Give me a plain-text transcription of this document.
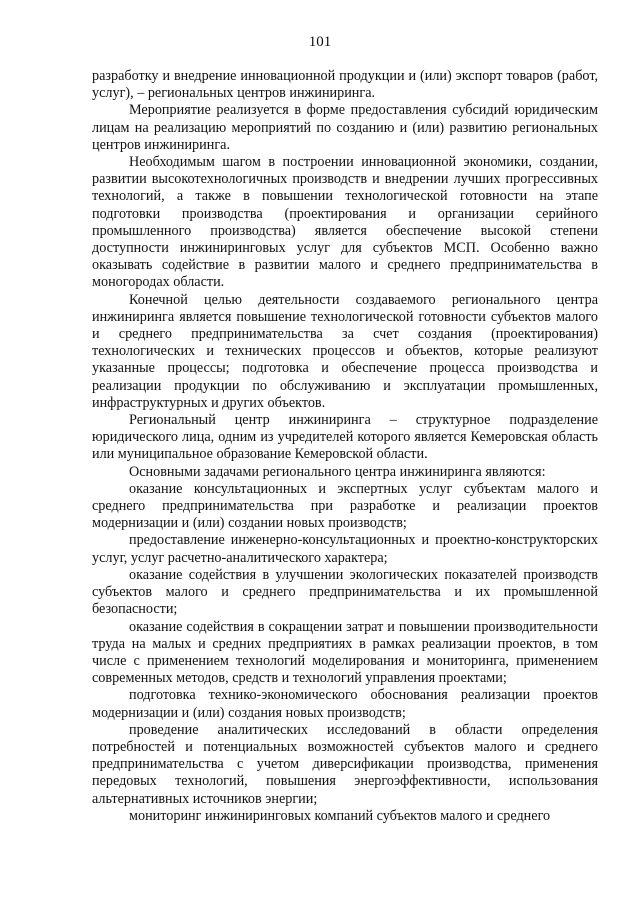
101

разработку и внедрение инновационной продукции и (или) экспорт товаров (работ, услуг), – региональных центров инжиниринга.

Мероприятие реализуется в форме предоставления субсидий юридическим лицам на реализацию мероприятий по созданию и (или) развитию региональных центров инжиниринга.

Необходимым шагом в построении инновационной экономики, создании, развитии высокотехнологичных производств и внедрении лучших прогрессивных технологий, а также в повышении технологической готовности на этапе подготовки производства (проектирования и организации серийного промышленного производства) является обеспечение высокой степени доступности инжиниринговых услуг для субъектов МСП. Особенно важно оказывать содействие в развитии малого и среднего предпринимательства в моногородах области.

Конечной целью деятельности создаваемого регионального центра инжиниринга является повышение технологической готовности субъектов малого и среднего предпринимательства за счет создания (проектирования) технологических и технических процессов и объектов, которые реализуют указанные процессы; подготовка и обеспечение процесса производства и реализации продукции по обслуживанию и эксплуатации промышленных, инфраструктурных и других объектов.

Региональный центр инжиниринга – структурное подразделение юридического лица, одним из учредителей которого является Кемеровская область или муниципальное образование Кемеровской области.

Основными задачами регионального центра инжиниринга являются:

оказание консультационных и экспертных услуг субъектам малого и среднего предпринимательства при разработке и реализации проектов модернизации и (или) создании новых производств;

предоставление инженерно-консультационных и проектно-конструкторских услуг, услуг расчетно-аналитического характера;

оказание содействия в улучшении экологических показателей производств субъектов малого и среднего предпринимательства и их промышленной безопасности;

оказание содействия в сокращении затрат и повышении производительности труда на малых и средних предприятиях в рамках реализации проектов, в том числе с применением технологий моделирования и мониторинга, применением современных методов, средств и технологий управления проектами;

подготовка технико-экономического обоснования реализации проектов модернизации и (или) создания новых производств;

проведение аналитических исследований в области определения потребностей и потенциальных возможностей субъектов малого и среднего предпринимательства с учетом диверсификации производства, применения передовых технологий, повышения энергоэффективности, использования альтернативных источников энергии;

мониторинг инжиниринговых компаний субъектов малого и среднего
